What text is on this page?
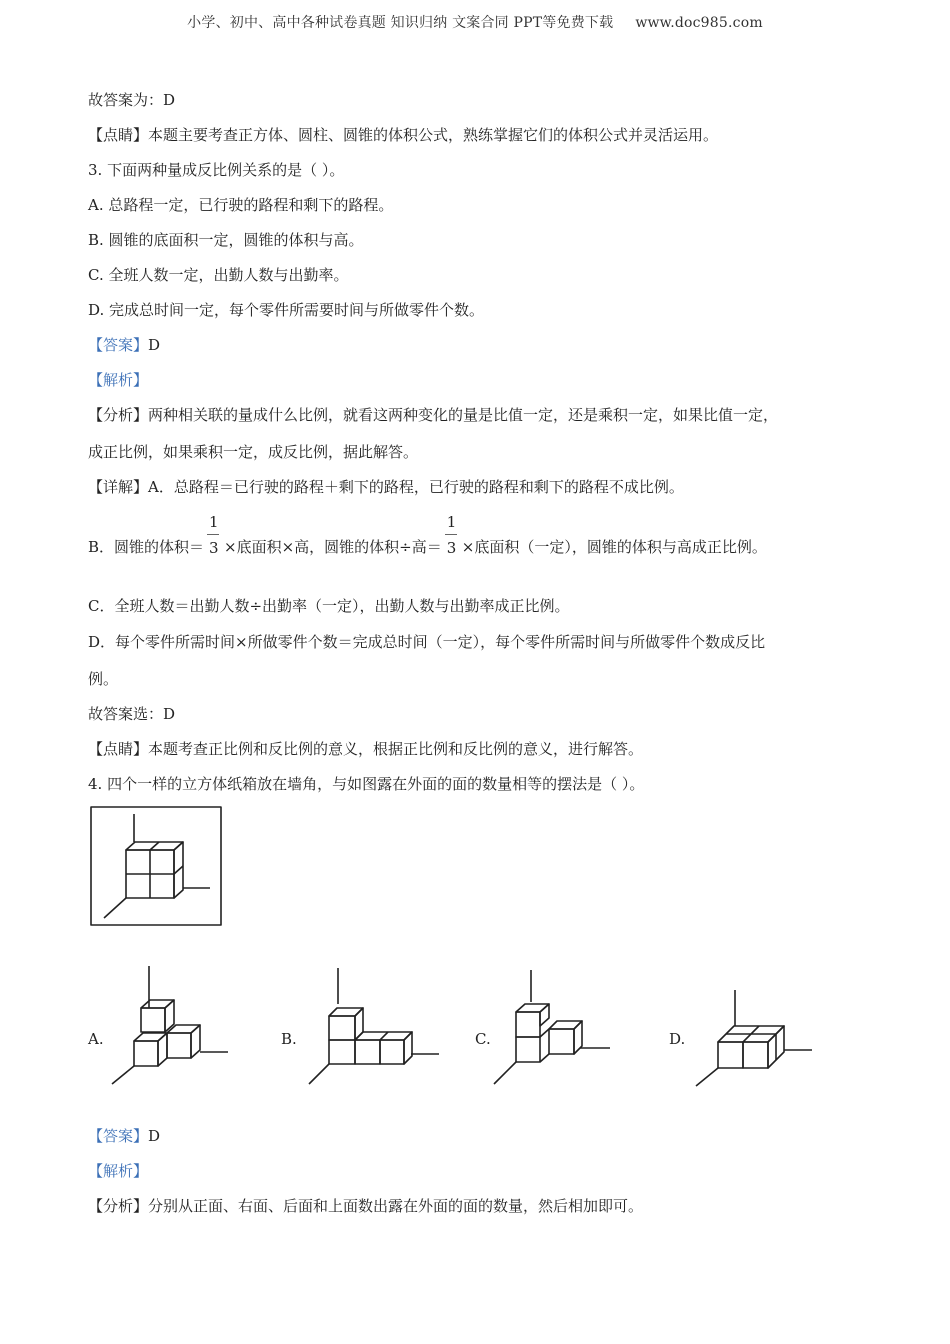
小学、初中、高中各种试卷真题 知识归纳 文案合同 PPT等免费下载 www.doc985.com
故答案为：D
【点睛】本题主要考查正方体、圆柱、圆锥的体积公式，熟练掌握它们的体积公式并灵活运用。
3. 下面两种量成反比例关系的是（ ）。
A. 总路程一定，已行驶的路程和剩下的路程。
B. 圆锥的底面积一定，圆锥的体积与高。
C. 全班人数一定，出勤人数与出勤率。
D. 完成总时间一定，每个零件所需要时间与所做零件个数。
【答案】D
【解析】
【分析】两种相关联的量成什么比例，就看这两种变化的量是比值一定，还是乘积一定，如果比值一定，
成正比例，如果乘积一定，成反比例，据此解答。
【详解】A．总路程＝已行驶的路程＋剩下的路程，已行驶的路程和剩下的路程不成比例。
B．圆锥的体积＝ $\frac{1}{3}$ ×底面积×高，圆锥的体积÷高＝ $\frac{1}{3}$ ×底面积（一定），圆锥的体积与高成正比例。
C．全班人数＝出勤人数÷出勤率（一定），出勤人数与出勤率成正比例。
D．每个零件所需时间×所做零件个数＝完成总时间（一定），每个零件所需时间与所做零件个数成反比
例。
故答案选：D
【点睛】本题考查正比例和反比例的意义，根据正比例和反比例的意义，进行解答。
4. 四个一样的立方体纸箱放在墙角，与如图露在外面的面的数量相等的摆法是（ ）。
A.	B.	C.	D.
【答案】D
【解析】
【分析】分别从正面、右面、后面和上面数出露在外面的面的数量，然后相加即可。
